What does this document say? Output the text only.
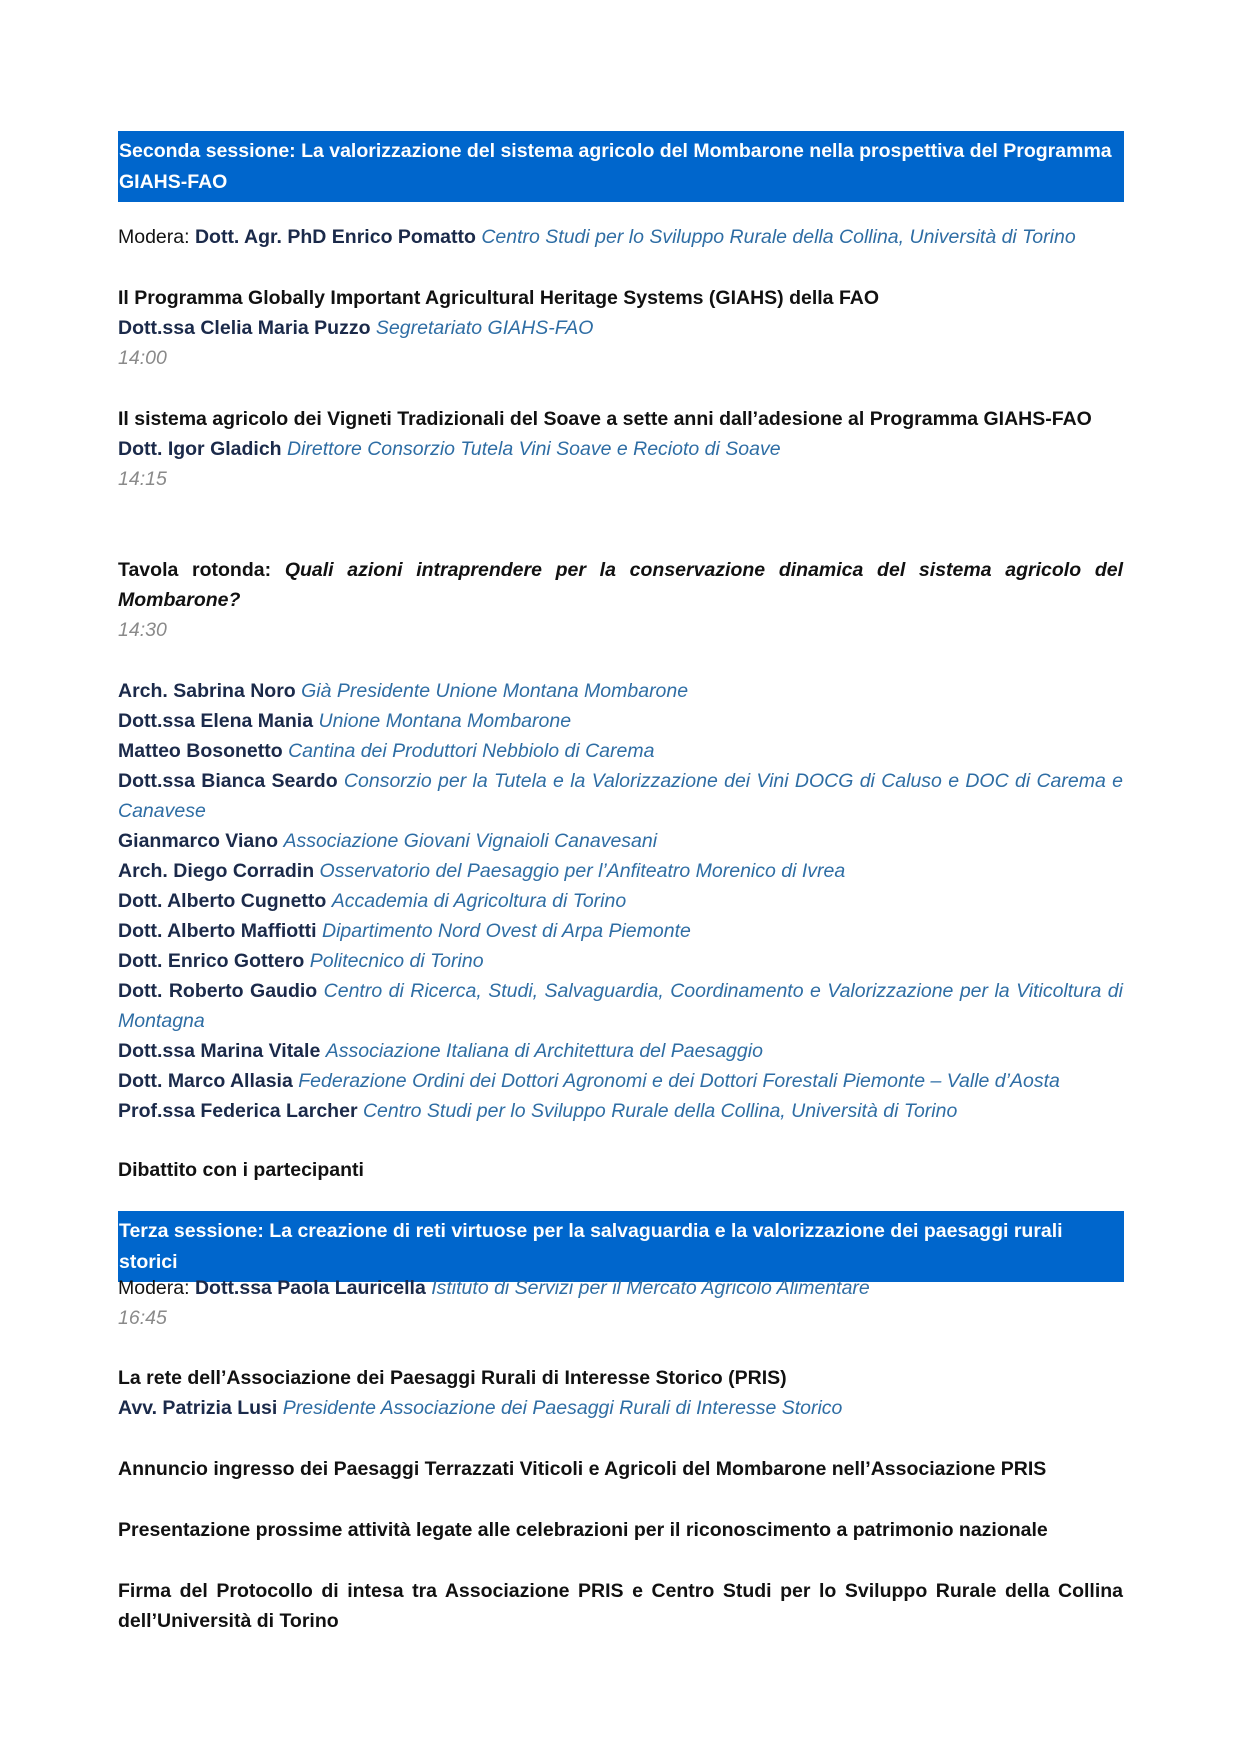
Seconda sessione: La valorizzazione del sistema agricolo del Mombarone nella prospettiva del Programma GIAHS-FAO
Modera: Dott. Agr. PhD Enrico Pomatto Centro Studi per lo Sviluppo Rurale della Collina, Università di Torino
Il Programma Globally Important Agricultural Heritage Systems (GIAHS) della FAO
Dott.ssa Clelia Maria Puzzo Segretariato GIAHS-FAO
14:00
Il sistema agricolo dei Vigneti Tradizionali del Soave a sette anni dall’adesione al Programma GIAHS-FAO
Dott. Igor Gladich Direttore Consorzio Tutela Vini Soave e Recioto di Soave
14:15
Tavola rotonda: Quali azioni intraprendere per la conservazione dinamica del sistema agricolo del Mombarone?
14:30
Arch. Sabrina Noro Già Presidente Unione Montana Mombarone
Dott.ssa Elena Mania Unione Montana Mombarone
Matteo Bosonetto Cantina dei Produttori Nebbiolo di Carema
Dott.ssa Bianca Seardo Consorzio per la Tutela e la Valorizzazione dei Vini DOCG di Caluso e DOC di Carema e Canavese
Gianmarco Viano Associazione Giovani Vignaioli Canavesani
Arch. Diego Corradin Osservatorio del Paesaggio per l’Anfiteatro Morenico di Ivrea
Dott. Alberto Cugnetto Accademia di Agricoltura di Torino
Dott. Alberto Maffiotti Dipartimento Nord Ovest di Arpa Piemonte
Dott. Enrico Gottero Politecnico di Torino
Dott. Roberto Gaudio Centro di Ricerca, Studi, Salvaguardia, Coordinamento e Valorizzazione per la Viticoltura di Montagna
Dott.ssa Marina Vitale Associazione Italiana di Architettura del Paesaggio
Dott. Marco Allasia Federazione Ordini dei Dottori Agronomi e dei Dottori Forestali Piemonte – Valle d’Aosta
Prof.ssa Federica Larcher Centro Studi per lo Sviluppo Rurale della Collina, Università di Torino
Dibattito con i partecipanti
Terza sessione: La creazione di reti virtuose per la salvaguardia e la valorizzazione dei paesaggi rurali storici
Modera: Dott.ssa Paola Lauricella Istituto di Servizi per il Mercato Agricolo Alimentare
16:45
La rete dell’Associazione dei Paesaggi Rurali di Interesse Storico (PRIS)
Avv. Patrizia Lusi Presidente Associazione dei Paesaggi Rurali di Interesse Storico
Annuncio ingresso dei Paesaggi Terrazzati Viticoli e Agricoli del Mombarone nell’Associazione PRIS
Presentazione prossime attività legate alle celebrazioni per il riconoscimento a patrimonio nazionale
Firma del Protocollo di intesa tra Associazione PRIS e Centro Studi per lo Sviluppo Rurale della Collina dell’Università di Torino
